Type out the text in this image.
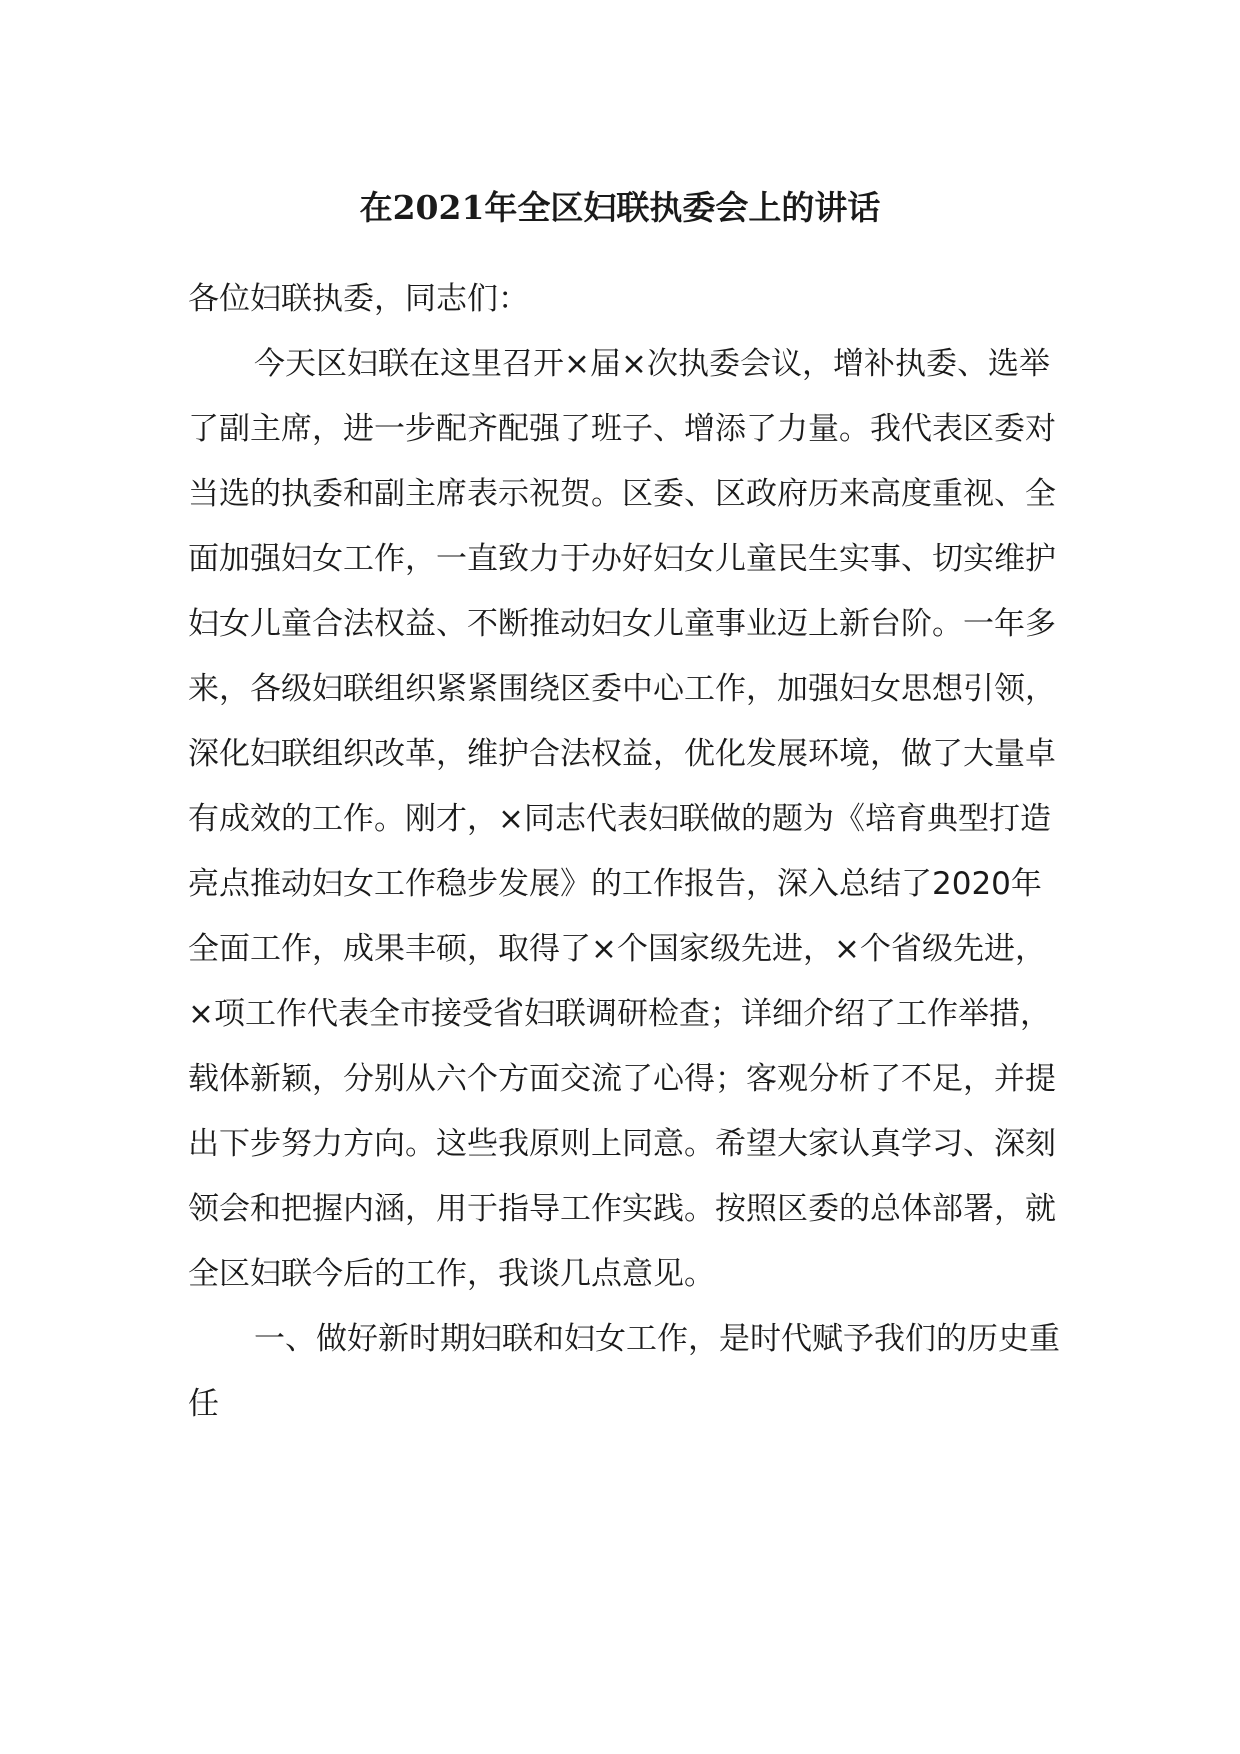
在2021年全区妇联执委会上的讲话

各位妇联执委，同志们：

今天区妇联在这里召开×届×次执委会议，增补执委、选举了副主席，进一步配齐配强了班子、增添了力量。我代表区委对当选的执委和副主席表示祝贺。区委、区政府历来高度重视、全面加强妇女工作，一直致力于办好妇女儿童民生实事、切实维护妇女儿童合法权益、不断推动妇女儿童事业迈上新台阶。一年多来，各级妇联组织紧紧围绕区委中心工作，加强妇女思想引领，深化妇联组织改革，维护合法权益，优化发展环境，做了大量卓有成效的工作。刚才，×同志代表妇联做的题为《培育典型打造亮点推动妇女工作稳步发展》的工作报告，深入总结了2020年全面工作，成果丰硕，取得了×个国家级先进，×个省级先进，×项工作代表全市接受省妇联调研检查；详细介绍了工作举措，载体新颖，分别从六个方面交流了心得；客观分析了不足，并提出下步努力方向。这些我原则上同意。希望大家认真学习、深刻领会和把握内涵，用于指导工作实践。按照区委的总体部署，就全区妇联今后的工作，我谈几点意见。

一、做好新时期妇联和妇女工作，是时代赋予我们的历史重任
